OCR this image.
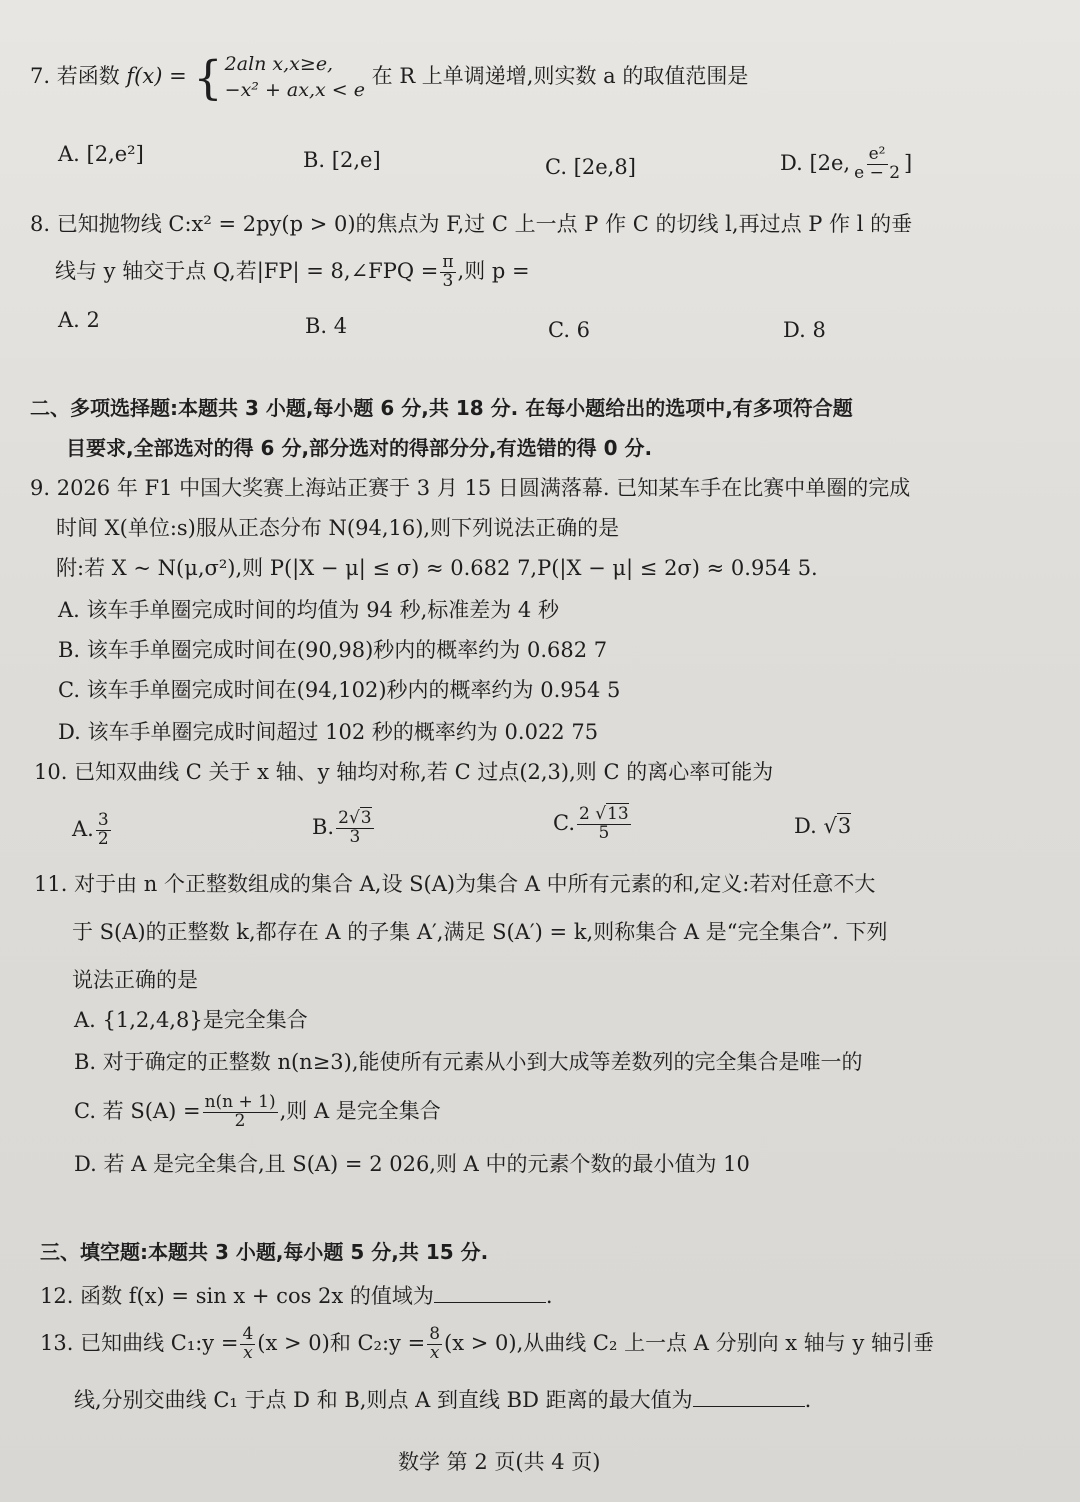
7. 若函数 f(x) = { 2aln x,x≥e,
−x² + ax,x < e
在 R 上单调递增,则实数 a 的取值范围是
A. [2,e²]	B. [2,e]	C. [2e,8]	D. [2e, $\frac{\text{e²}}{e - 2}$ ]
8. 已知抛物线 C:x² = 2py(p > 0)的焦点为 F,过 C 上一点 P 作 C 的切线 l,再过点 P 作 l 的垂
线与 y 轴交于点 Q,若|FP| = 8,∠FPQ = $\frac{\pi}{3}$ ,则 p =
A. 2	B. 4	C. 6	D. 8
二、多项选择题:本题共 3 小题,每小题 6 分,共 18 分. 在每小题给出的选项中,有多项符合题
目要求,全部选对的得 6 分,部分选对的得部分分,有选错的得 0 分.
9. 2026 年 F1 中国大奖赛上海站正赛于 3 月 15 日圆满落幕. 已知某车手在比赛中单圈的完成
时间 X(单位:s)服从正态分布 N(94,16),则下列说法正确的是
附:若 X ~ N(μ,σ²),则 P(|X − μ| ≤ σ) ≈ 0.682 7,P(|X − μ| ≤ 2σ) ≈ 0.954 5.
A. 该车手单圈完成时间的均值为 94 秒,标准差为 4 秒
B. 该车手单圈完成时间在(90,98)秒内的概率约为 0.682 7
C. 该车手单圈完成时间在(94,102)秒内的概率约为 0.954 5
D. 该车手单圈完成时间超过 102 秒的概率约为 0.022 75
10. 已知双曲线 C 关于 x 轴、y 轴均对称,若 C 过点(2,3),则 C 的离心率可能为
A. $\frac{3}{2}$	B. $\frac{2√3}{3}$	C. $\frac{2 √13}{5}$	D. √3
11. 对于由 n 个正整数组成的集合 A,设 S(A)为集合 A 中所有元素的和,定义:若对任意不大
于 S(A)的正整数 k,都存在 A 的子集 A′,满足 S(A′) = k,则称集合 A 是“完全集合”. 下列
说法正确的是
A. {1,2,4,8}是完全集合
B. 对于确定的正整数 n(n≥3),能使所有元素从小到大成等差数列的完全集合是唯一的
C. 若 $S(A) = \frac{n(n + 1)}{2}$ ,则 A 是完全集合
D. 若 A 是完全集合,且 S(A) = 2 026,则 A 中的元素个数的最小值为 10
三、填空题:本题共 3 小题,每小题 5 分,共 15 分.
12. 函数 f(x) = sin x + cos 2x 的值域为	.
13. 已知曲线 C₁:y = $\frac{4}{x} (x > 0)$和 C₂:y = $\frac{8}{x} (x > 0)$,从曲线 C₂ 上一点 A 分别向 x 轴与 y 轴引垂
线,分别交曲线 C₁ 于点 D 和 B,则点 A 到直线 BD 距离的最大值为	.
数学 第 2 页(共 4 页)
